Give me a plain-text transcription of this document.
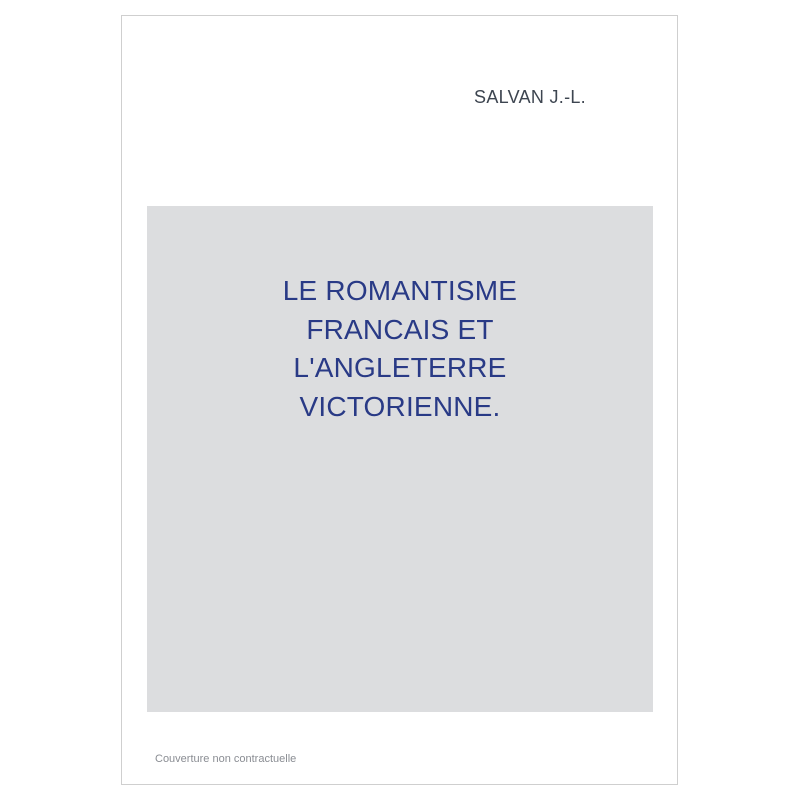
SALVAN J.-L.
LE ROMANTISME
FRANCAIS ET
L'ANGLETERRE
VICTORIENNE.
Couverture non contractuelle
